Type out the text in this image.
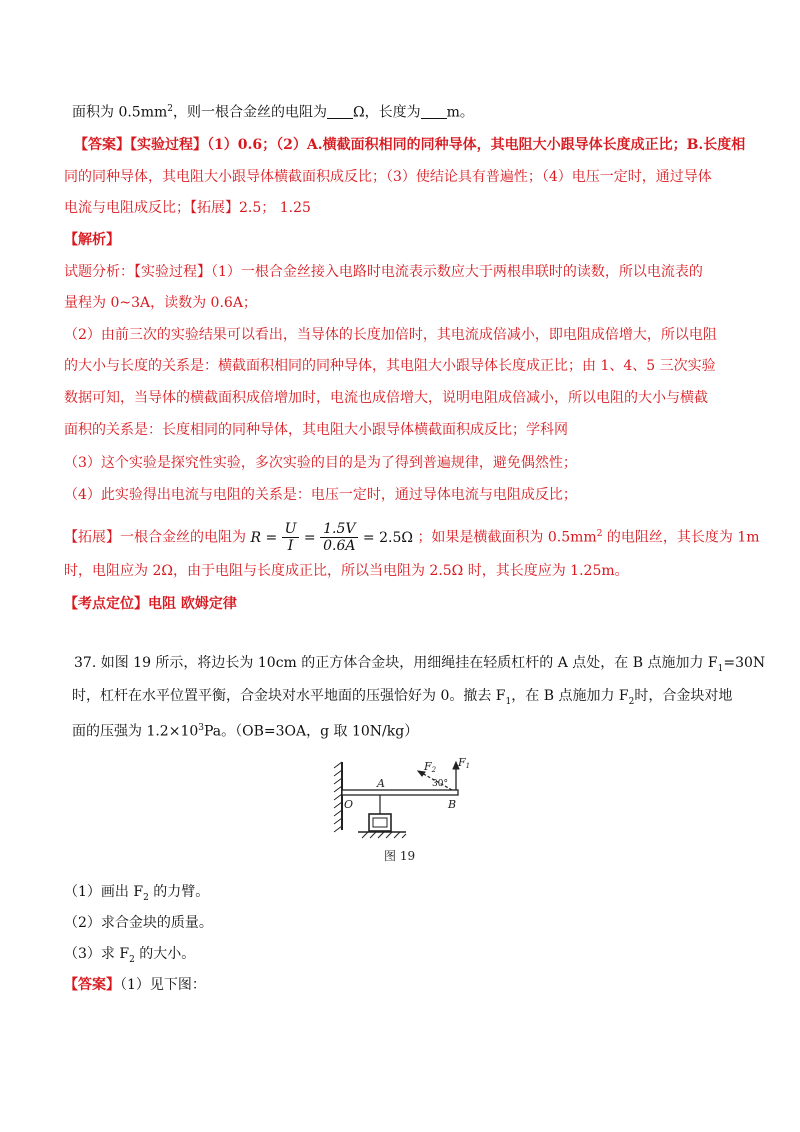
面积为 $0.5mm^2$，则一根合金丝的电阻为 Ω，长度为 m。
【答案】【实验过程】（1）0.6；（2）A.横截面积相同的同种导体，其电阻大小跟导体长度成正比；B.长度相
同的同种导体，其电阻大小跟导体横截面积成反比；（3）使结论具有普遍性；（4）电压一定时，通过导体
电流与电阻成反比；【拓展】2.5； 1.25
【解析】
试题分析：【实验过程】（1）一根合金丝接入电路时电流表示数应大于两根串联时的读数，所以电流表的
量程为 0~3A，读数为 0.6A；
（2）由前三次的实验结果可以看出，当导体的长度加倍时，其电流成倍减小，即电阻成倍增大，所以电阻
的大小与长度的关系是：横截面积相同的同种导体，其电阻大小跟导体长度成正比；由 1、4、5 三次实验
数据可知，当导体的横截面积成倍增加时，电流也成倍增大，说明电阻成倍减小，所以电阻的大小与横截
面积的关系是：长度相同的同种导体，其电阻大小跟导体横截面积成反比；学科网
（3）这个实验是探究性实验，多次实验的目的是为了得到普遍规律，避免偶然性；
（4）此实验得出电流与电阻的关系是：电压一定时，通过导体电流与电阻成反比；
【拓展】一根合金丝的电阻为 $R = \frac{U}{I} = \frac{1.5V}{0.6A} = 2.5\Omega$ ；如果是横截面积为 $0.5mm^2$ 的电阻丝，其长度为 1m
时，电阻应为 2Ω，由于电阻与长度成正比，所以当电阻为 2.5Ω 时，其长度应为 1.25m。
【考点定位】电阻 欧姆定律
37. 如图 19 所示，将边长为 10cm 的正方体合金块，用细绳挂在轻质杠杆的 A 点处，在 B 点施加力 $F_1=30N$
时，杠杆在水平位置平衡，合金块对水平地面的压强恰好为 0。撤去 $F_1$，在 B 点施加力 $F_2$时，合金块对地
面的压强为 $1.2\times 10^3Pa$。（OB=3OA，g 取 10N/kg）
F2
F1
30°
A
O	B
图 19
（1）画出 $F_2$ 的力臂。
（2）求合金块的质量。
（3）求 $F_2$ 的大小。
【答案】（1）见下图：
